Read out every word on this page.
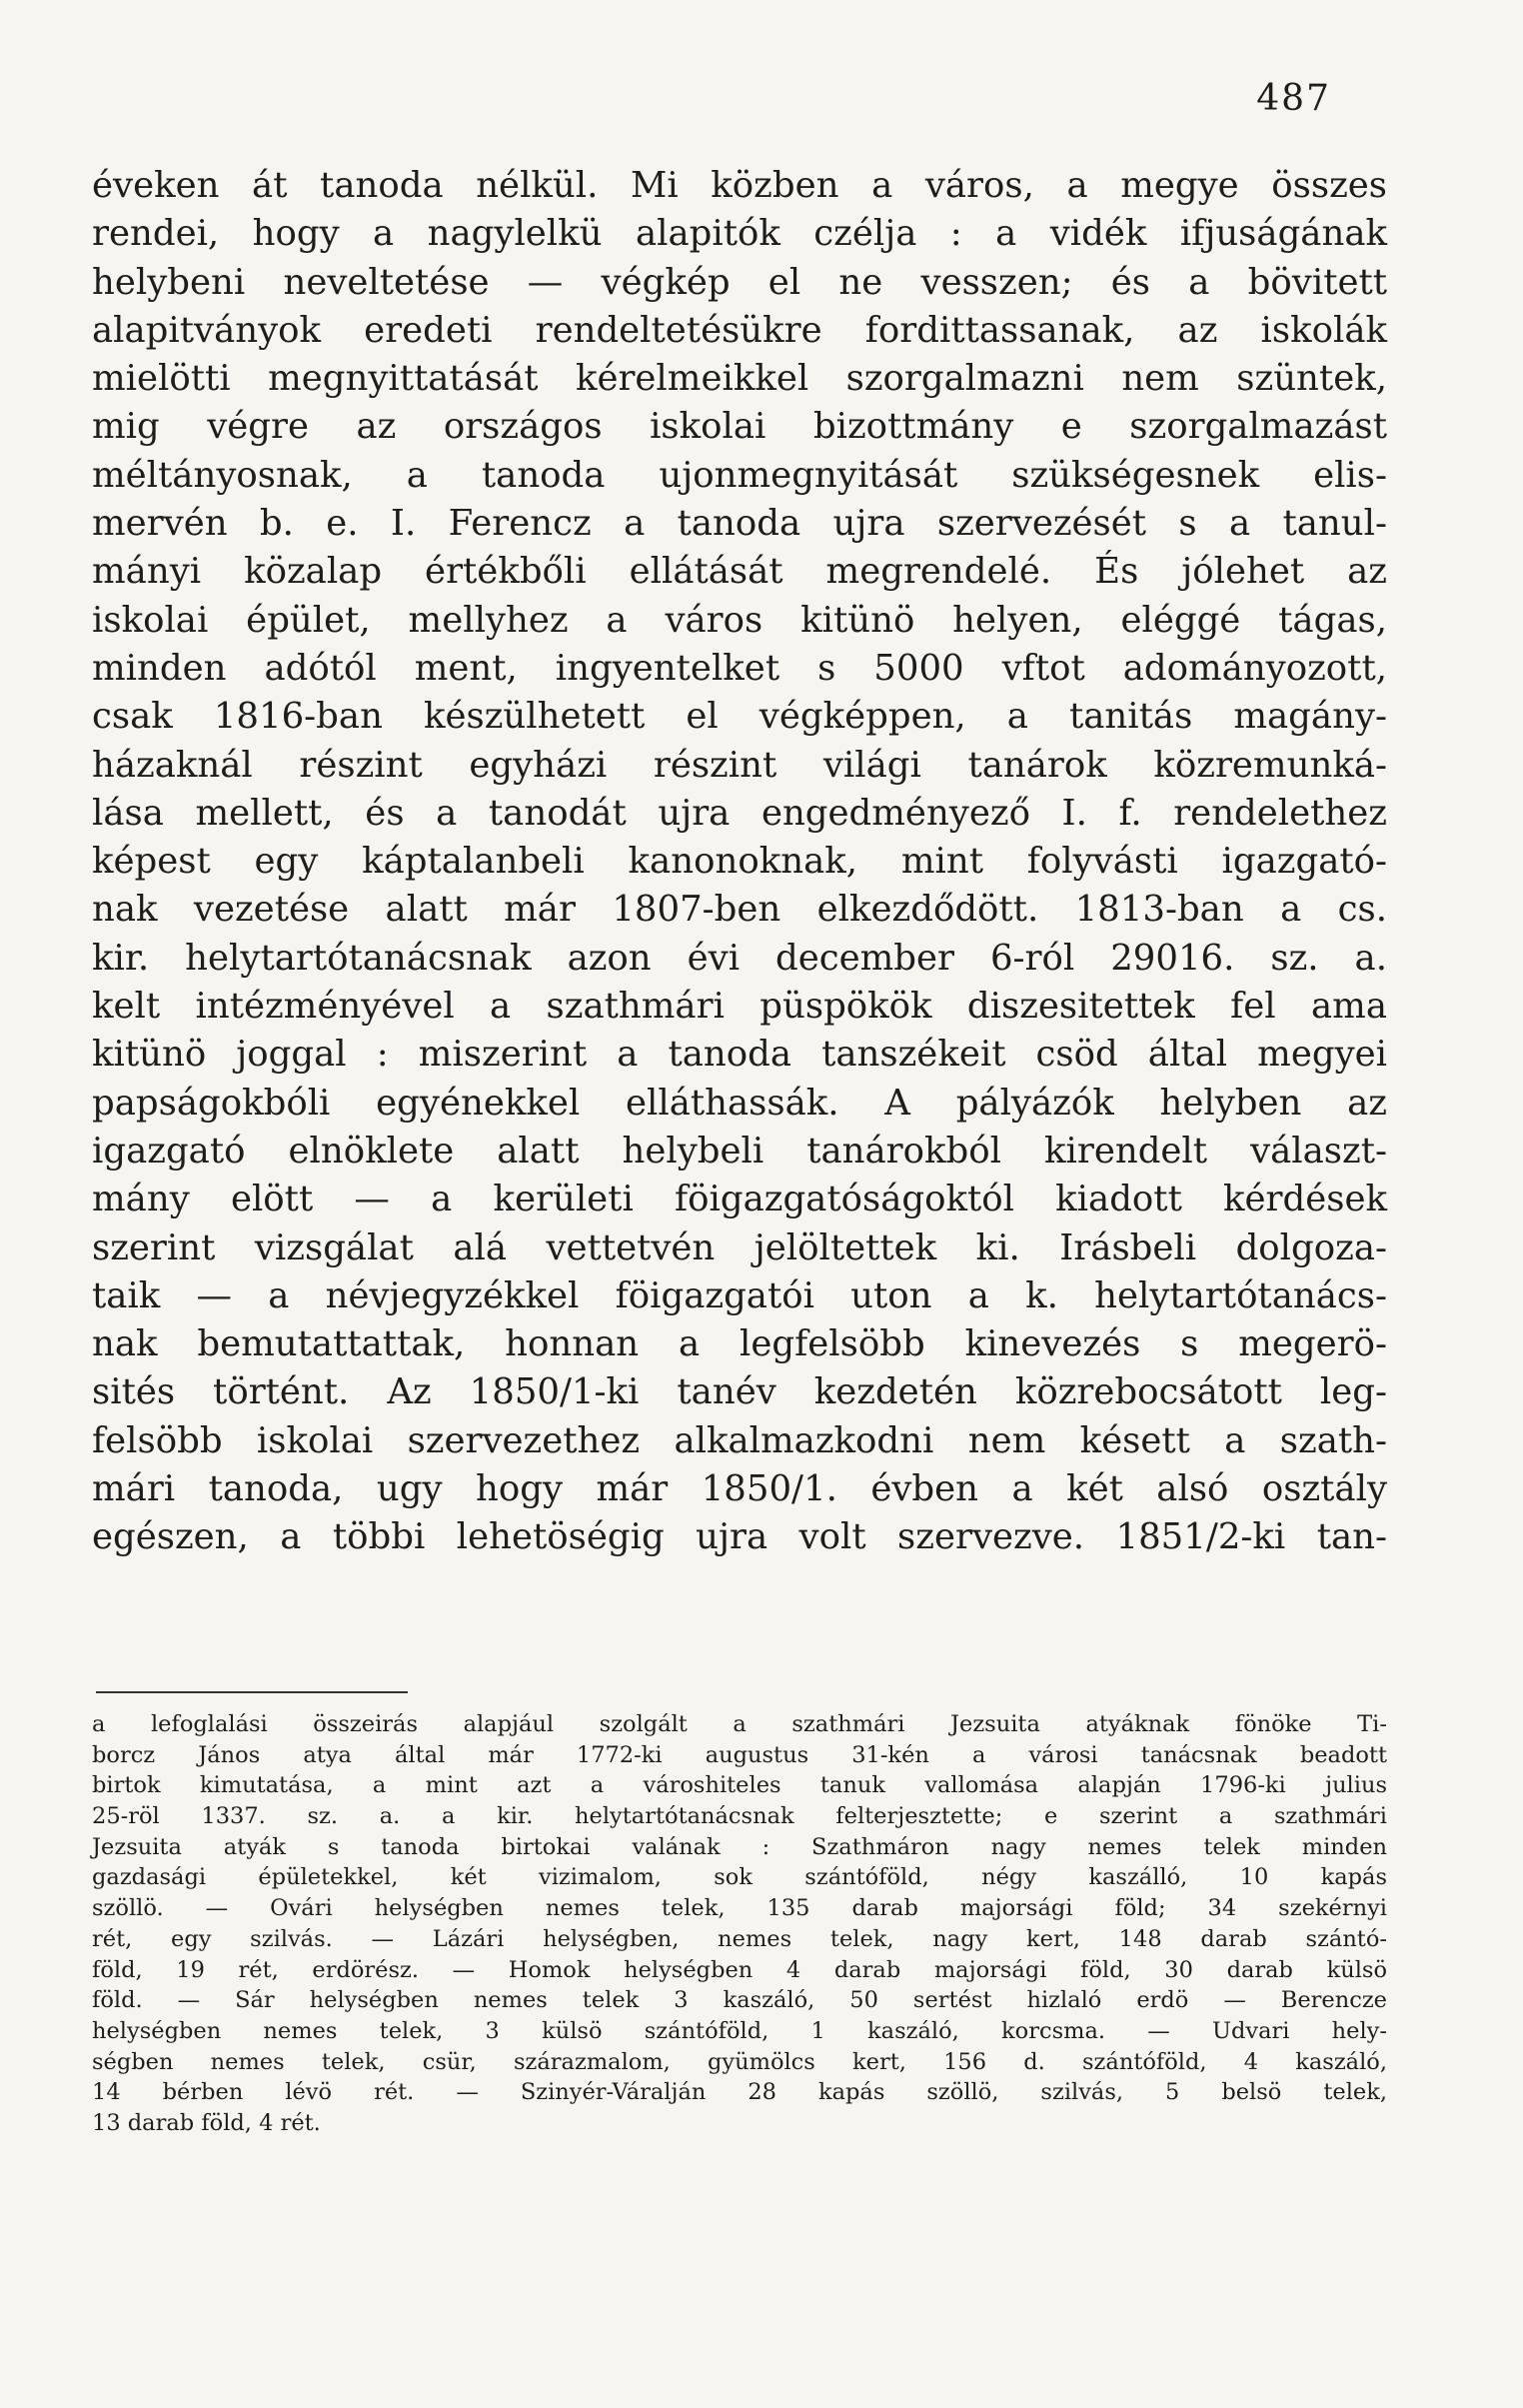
487
éveken át tanoda nélkül. Mi közben a város, a megye összes
rendei, hogy a nagylelkü alapitók czélja : a vidék ifjuságának
helybeni neveltetése — végkép el ne vesszen; és a bövitett
alapitványok eredeti rendeltetésükre fordittassanak, az iskolák
mielötti megnyittatását kérelmeikkel szorgalmazni nem szüntek,
mig végre az országos iskolai bizottmány e szorgalmazást
méltányosnak, a tanoda ujonmegnyitását szükségesnek elis-
mervén b. e. I. Ferencz a tanoda ujra szervezését s a tanul-
mányi közalap értékbőli ellátását megrendelé. És jólehet az
iskolai épület, mellyhez a város kitünö helyen, eléggé tágas,
minden adótól ment, ingyentelket s 5000 vftot adományozott,
csak 1816-ban készülhetett el végképpen, a tanitás magány-
házaknál részint egyházi részint világi tanárok közremunká-
lása mellett, és a tanodát ujra engedményező I. f. rendelethez
képest egy káptalanbeli kanonoknak, mint folyvásti igazgató-
nak vezetése alatt már 1807-ben elkezdődött. 1813-ban a cs.
kir. helytartótanácsnak azon évi december 6-ról 29016. sz. a.
kelt intézményével a szathmári püspökök diszesitettek fel ama
kitünö joggal : miszerint a tanoda tanszékeit csöd által megyei
papságokbóli egyénekkel elláthassák. A pályázók helyben az
igazgató elnöklete alatt helybeli tanárokból kirendelt választ-
mány elött — a kerületi föigazgatóságoktól kiadott kérdések
szerint vizsgálat alá vettetvén jelöltettek ki. Irásbeli dolgoza-
taik — a névjegyzékkel föigazgatói uton a k. helytartótanács-
nak bemutattattak, honnan a legfelsöbb kinevezés s megerö-
sités történt. Az 1850/1-ki tanév kezdetén közrebocsátott leg-
felsöbb iskolai szervezethez alkalmazkodni nem késett a szath-
mári tanoda, ugy hogy már 1850/1. évben a két alsó osztály
egészen, a többi lehetöségig ujra volt szervezve. 1851/2-ki tan-
a lefoglalási összeirás alapjául szolgált a szathmári Jezsuita atyáknak fönöke Ti-
borcz János atya által már 1772-ki augustus 31-kén a városi tanácsnak beadott
birtok kimutatása, a mint azt a városhiteles tanuk vallomása alapján 1796-ki julius
25-röl 1337. sz. a. a kir. helytartótanácsnak felterjesztette; e szerint a szathmári
Jezsuita atyák s tanoda birtokai valának : Szathmáron nagy nemes telek minden
gazdasági épületekkel, két vizimalom, sok szántóföld, négy kaszálló, 10 kapás
szöllö. — Ovári helységben nemes telek, 135 darab majorsági föld; 34 szekérnyi
rét, egy szilvás. — Lázári helységben, nemes telek, nagy kert, 148 darab szántó-
föld, 19 rét, erdörész. — Homok helységben 4 darab majorsági föld, 30 darab külsö
föld. — Sár helységben nemes telek 3 kaszáló, 50 sertést hizlaló erdö — Berencze
helységben nemes telek, 3 külsö szántóföld, 1 kaszáló, korcsma. — Udvari hely-
ségben nemes telek, csür, szárazmalom, gyümölcs kert, 156 d. szántóföld, 4 kaszáló,
14 bérben lévö rét. — Szinyér-Váralján 28 kapás szöllö, szilvás, 5 belsö telek,
13 darab föld, 4 rét.
